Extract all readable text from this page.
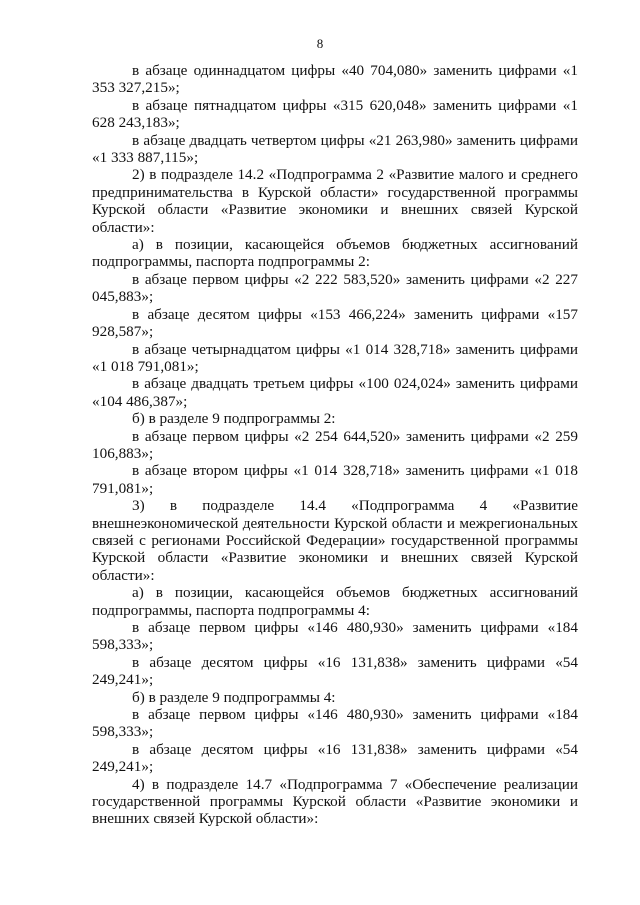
8

в абзаце одиннадцатом цифры «40 704,080» заменить цифрами «1 353 327,215»;

в абзаце пятнадцатом цифры «315 620,048» заменить цифрами «1 628 243,183»;

в абзаце двадцать четвертом цифры «21 263,980» заменить цифрами «1 333 887,115»;

2) в подразделе 14.2 «Подпрограмма 2 «Развитие малого и среднего предпринимательства в Курской области» государственной программы Курской области «Развитие экономики и внешних связей Курской области»:

а) в позиции, касающейся объемов бюджетных ассигнований подпрограммы, паспорта подпрограммы 2:

в абзаце первом цифры «2 222 583,520» заменить цифрами «2 227 045,883»;

в абзаце десятом цифры «153 466,224» заменить цифрами «157 928,587»;

в абзаце четырнадцатом цифры «1 014 328,718» заменить цифрами «1 018 791,081»;

в абзаце двадцать третьем цифры «100 024,024» заменить цифрами «104 486,387»;

б) в разделе 9 подпрограммы 2:

в абзаце первом цифры «2 254 644,520» заменить цифрами «2 259 106,883»;

в абзаце втором цифры «1 014 328,718» заменить цифрами «1 018 791,081»;

3) в подразделе 14.4 «Подпрограмма 4 «Развитие внешнеэкономической деятельности Курской области и межрегиональных связей с регионами Российской Федерации» государственной программы Курской области «Развитие экономики и внешних связей Курской области»:

а) в позиции, касающейся объемов бюджетных ассигнований подпрограммы, паспорта подпрограммы 4:

в абзаце первом цифры «146 480,930» заменить цифрами «184 598,333»;

в абзаце десятом цифры «16 131,838» заменить цифрами «54 249,241»;

б) в разделе 9 подпрограммы 4:

в абзаце первом цифры «146 480,930» заменить цифрами «184 598,333»;

в абзаце десятом цифры «16 131,838» заменить цифрами «54 249,241»;

4) в подразделе 14.7 «Подпрограмма 7 «Обеспечение реализации государственной программы Курской области «Развитие экономики и внешних связей Курской области»:
